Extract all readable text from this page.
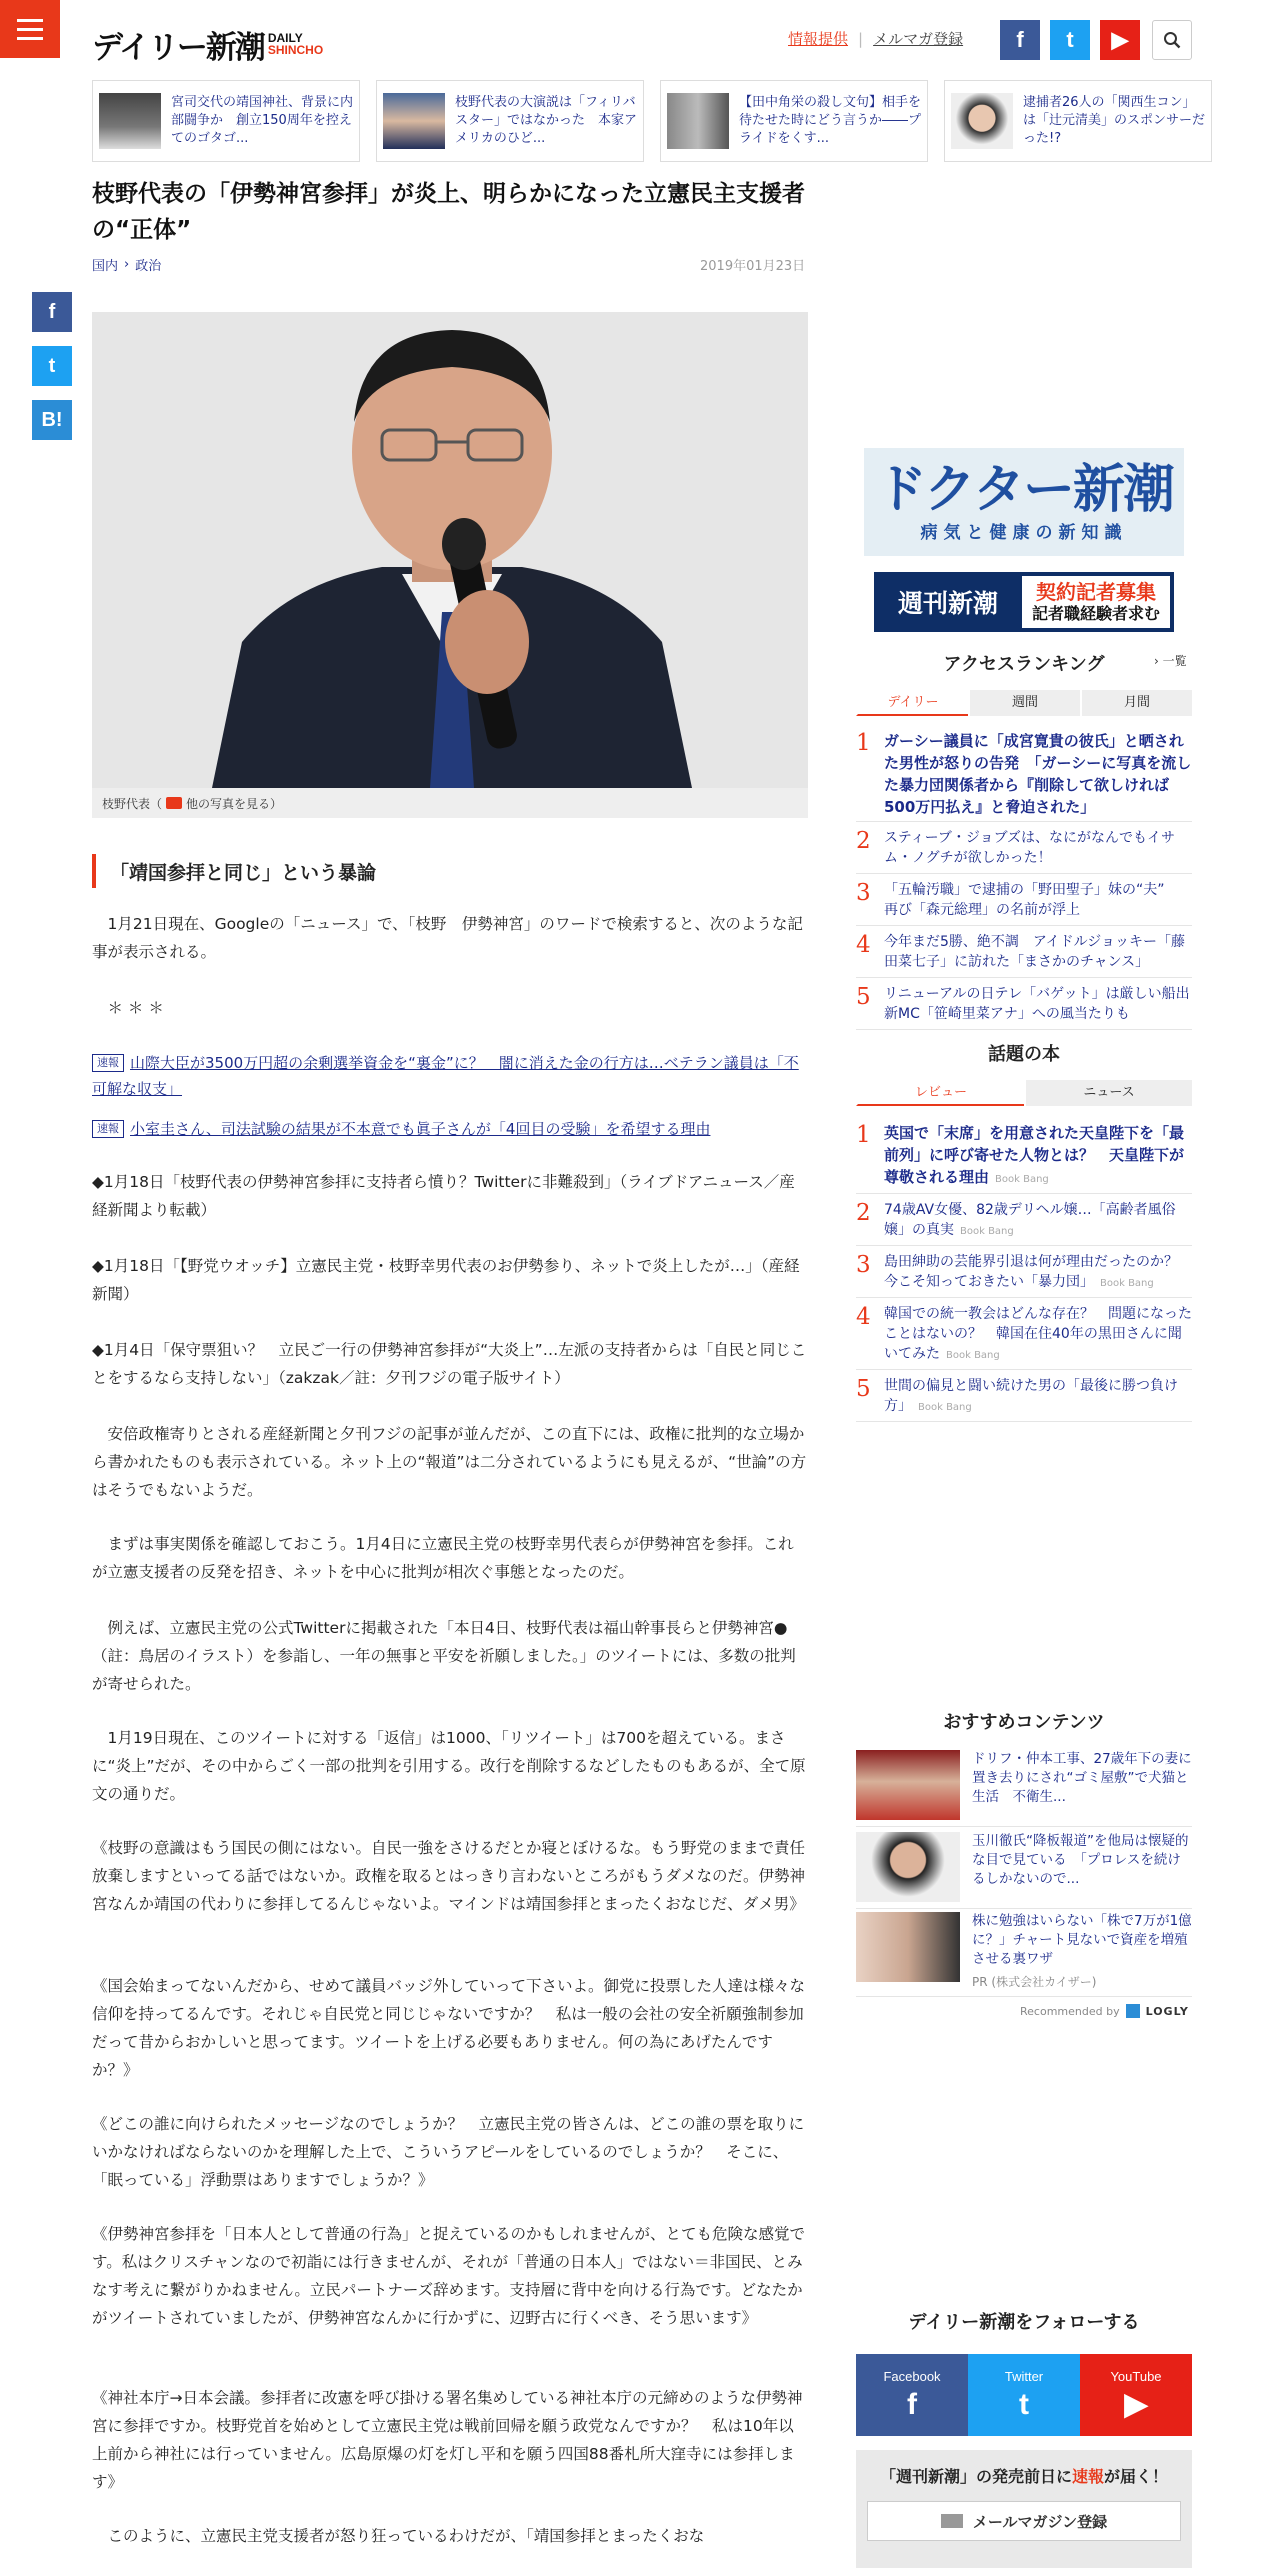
デイリー新潮 DAILY
SHINCHO
情報提供 | メルマガ登録	f	t	▶
宮司交代の靖国神社、背景に内部闘争か　創立150周年を控えてのゴタゴ...
枝野代表の大演説は「フィリバスター」ではなかった　本家アメリカのひど...
【田中角栄の殺し文句】相手を待たせた時にどう言うか――プライドをくす...
逮捕者26人の「関西生コン」は「辻元清美」のスポンサーだった!?
枝野代表の「伊勢神宮参拝」が炎上、明らかになった立憲民主支援者の“正体”
国内 › 政治	2019年01月23日
f
t
B!
枝野代表（ 他の写真を見る ）
「靖国参拝と同じ」という暴論

　1月21日現在、Googleの「ニュース」で、「枝野　伊勢神宮」のワードで検索すると、次のような記事が表示される。

　＊ ＊ ＊

速報 山際大臣が3500万円超の余剰選挙資金を“裏金”に？　闇に消えた金の行方は…ベテラン議員は「不可解な収支」
速報 小室圭さん、司法試験の結果が不本意でも眞子さんが「4回目の受験」を希望する理由

◆1月18日「枝野代表の伊勢神宮参拝に支持者ら憤り？Twitterに非難殺到」（ライブドアニュース／産経新聞より転載）

◆1月18日「【野党ウオッチ】立憲民主党・枝野幸男代表のお伊勢参り、ネットで炎上したが…」（産経新聞）

◆1月4日「保守票狙い？　立民ご一行の伊勢神宮参拝が“大炎上”…左派の支持者からは「自民と同じことをするなら支持しない」（zakzak／註：夕刊フジの電子版サイト）

　安倍政権寄りとされる産経新聞と夕刊フジの記事が並んだが、この直下には、政権に批判的な立場から書かれたものも表示されている。ネット上の“報道”は二分されているようにも見えるが、“世論”の方はそうでもないようだ。

　まずは事実関係を確認しておこう。1月4日に立憲民主党の枝野幸男代表らが伊勢神宮を参拝。これが立憲支援者の反発を招き、ネットを中心に批判が相次ぐ事態となったのだ。

　例えば、立憲民主党の公式Twitterに掲載された「本日4日、枝野代表は福山幹事長らと伊勢神宮●（註：鳥居のイラスト）を参詣し、一年の無事と平安を祈願しました。」のツイートには、多数の批判が寄せられた。

　1月19日現在、このツイートに対する「返信」は1000、「リツイート」は700を超えている。まさに“炎上”だが、その中からごく一部の批判を引用する。改行を削除するなどしたものもあるが、全て原文の通りだ。

《枝野の意識はもう国民の側にはない。自民一強をさけるだとか寝とぼけるな。もう野党のままで責任放棄しますといってる話ではないか。政権を取るとはっきり言わないところがもうダメなのだ。伊勢神宮なんか靖国の代わりに参拝してるんじゃないよ。マインドは靖国参拝とまったくおなじだ、ダメ男》

《国会始まってないんだから、せめて議員バッジ外していって下さいよ。御党に投票した人達は様々な信仰を持ってるんです。それじゃ自民党と同じじゃないですか？　私は一般の会社の安全祈願強制参加だって昔からおかしいと思ってます。ツイートを上げる必要もありません。何の為にあげたんですか？》

《どこの誰に向けられたメッセージなのでしょうか？　立憲民主党の皆さんは、どこの誰の票を取りにいかなければならないのかを理解した上で、こういうアピールをしているのでしょうか？　そこに、「眠っている」浮動票はありますでしょうか？》

《伊勢神宮参拝を「日本人として普通の行為」と捉えているのかもしれませんが、とても危険な感覚です。私はクリスチャンなので初詣には行きませんが、それが「普通の日本人」ではない＝非国民、とみなす考えに繋がりかねません。立民パートナーズ辞めます。支持層に背中を向ける行為です。どなたかがツイートされていましたが、伊勢神宮なんかに行かずに、辺野古に行くべき、そう思います》

《神社本庁→日本会議。参拝者に改憲を呼び掛ける署名集めしている神社本庁の元締めのような伊勢神宮に参拝ですか。枝野党首を始めとして立憲民主党は戦前回帰を願う政党なんですか？　私は10年以上前から神社には行っていません。広島原爆の灯を灯し平和を願う四国88番札所大窪寺には参拝します》

　このように、立憲民主党支援者が怒り狂っているわけだが、「靖国参拝とまったくおな

ドクター新潮
病気と健康の新知識
週刊新潮	契約記者募集
記者職経験者求む
アクセスランキング	› 一覧
デイリー	週間	月間
1 ガーシー議員に「成宮寛貴の彼氏」と晒された男性が怒りの告発　「ガーシーに写真を流した暴力団関係者から『削除して欲しければ500万円払え』と脅迫された」
2 スティーブ・ジョブズは、なにがなんでもイサム・ノグチが欲しかった！
3 「五輪汚職」で逮捕の「野田聖子」妹の“夫”　再び「森元総理」の名前が浮上
4 今年まだ5勝、絶不調　アイドルジョッキー「藤田菜七子」に訪れた「まさかのチャンス」
5 リニューアルの日テレ「バゲット」は厳しい船出　新MC「笹崎里菜アナ」への風当たりも
話題の本
レビュー	ニュース
1 英国で「末席」を用意された天皇陛下を「最前列」に呼び寄せた人物とは？　天皇陛下が尊敬される理由 Book Bang
2 74歳AV女優、82歳デリヘル嬢…「高齢者風俗嬢」の真実 Book Bang
3 島田紳助の芸能界引退は何が理由だったのか？　今こそ知っておきたい「暴力団」 Book Bang
4 韓国での統一教会はどんな存在？　問題になったことはないの？　韓国在住40年の黒田さんに聞いてみた Book Bang
5 世間の偏見と闘い続けた男の「最後に勝つ負け方」 Book Bang
おすすめコンテンツ
ドリフ・仲本工事、27歳年下の妻に置き去りにされ“ゴミ屋敷”で犬猫と生活　不衛生...
玉川徹氏“降板報道”を他局は懐疑的な目で見ている　「プロレスを続けるしかないので...
株に勉強はいらない「株で7万が1億に？」チャート見ないで資産を増殖させる裏ワザ
PR (株式会社カイザー)
Recommended by LOGLY
デイリー新潮をフォローする
Facebook
f
Twitter
t
YouTube
▶
「週刊新潮」の発売前日に速報が届く！
メールマガジン登録
